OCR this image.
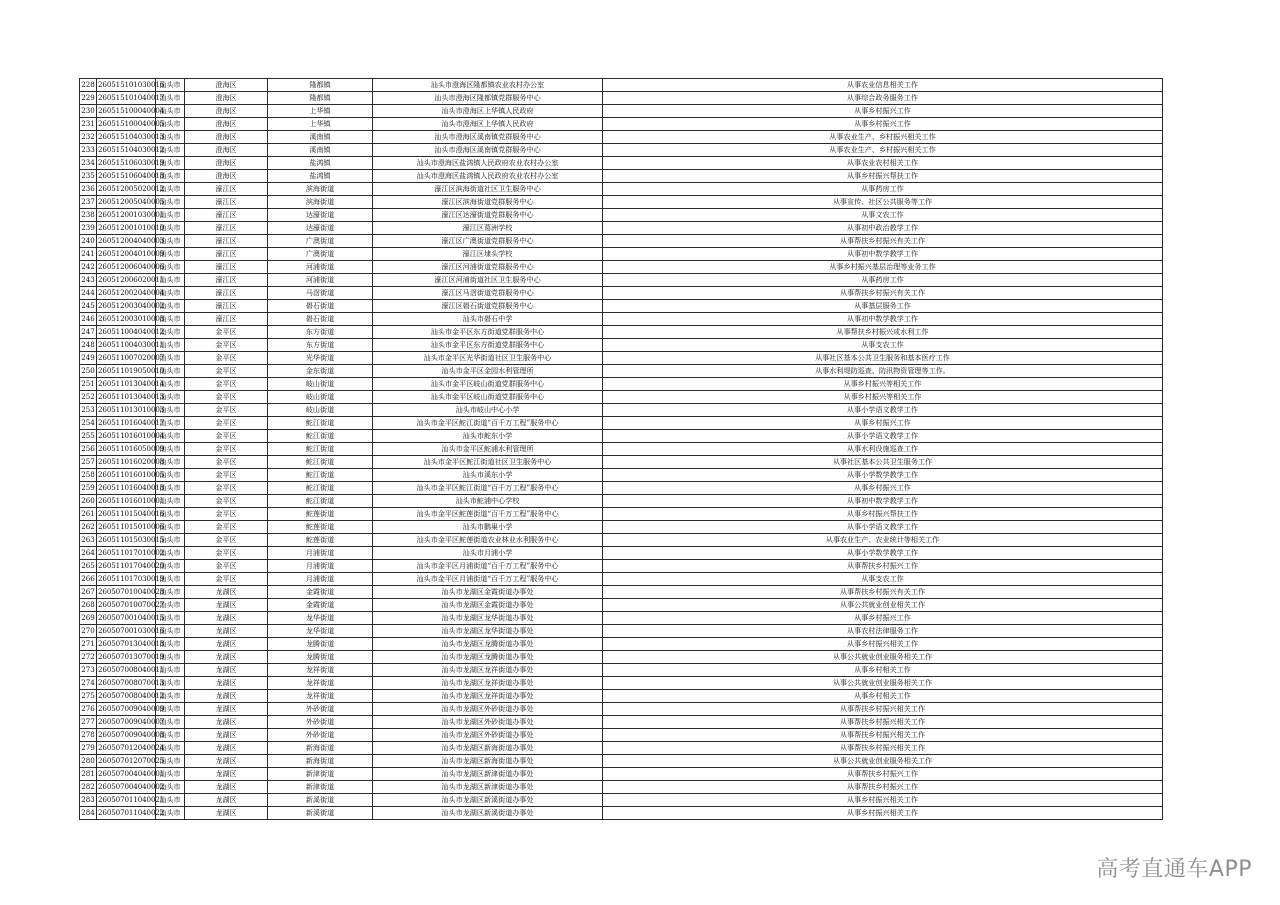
228	260515101030016	汕头市	澄海区	隆都镇	汕头市澄海区隆都镇农业农村办公室	从事农业信息相关工作
229	260515101040017	汕头市	澄海区	隆都镇	汕头市澄海区隆都镇党群服务中心	从事综合政务服务工作
230	260515100040004	汕头市	澄海区	上华镇	汕头市澄海区上华镇人民政府	从事乡村振兴工作
231	260515100040005	汕头市	澄海区	上华镇	汕头市澄海区上华镇人民政府	从事乡村振兴工作
232	260515104030013	汕头市	澄海区	溪南镇	汕头市澄海区溪南镇党群服务中心	从事农业生产、乡村振兴相关工作
233	260515104030012	汕头市	澄海区	溪南镇	汕头市澄海区溪南镇党群服务中心	从事农业生产、乡村振兴相关工作
234	260515106030019	汕头市	澄海区	盐鸿镇	汕头市澄海区盐鸿镇人民政府农业农村办公室	从事农业农村相关工作
235	260515106040018	汕头市	澄海区	盐鸿镇	汕头市澄海区盐鸿镇人民政府农业农村办公室	从事乡村振兴帮扶工作
236	260512005020012	汕头市	濠江区	滨海街道	濠江区滨海街道社区卫生服务中心	从事药房工作
237	260512005040005	汕头市	濠江区	滨海街道	濠江区滨海街道党群服务中心	从事宣传、社区公共服务等工作
238	260512001030001	汕头市	濠江区	达濠街道	濠江区达濠街道党群服务中心	从事文农工作
239	260512001010010	汕头市	濠江区	达濠街道	濠江区葛洲学校	从事初中政治教学工作
240	260512004040003	汕头市	濠江区	广澳街道	濠江区广澳街道党群服务中心	从事帮扶乡村振兴有关工作
241	260512004010009	汕头市	濠江区	广澳街道	濠江区埭头学校	从事初中数学教学工作
242	260512006040006	汕头市	濠江区	河浦街道	濠江区河浦街道党群服务中心	从事乡村振兴基层治理等业务工作
243	260512006020011	汕头市	濠江区	河浦街道	濠江区河浦街道社区卫生服务中心	从事药房工作
244	260512002040004	汕头市	濠江区	马滘街道	濠江区马滘街道党群服务中心	从事帮扶乡村振兴有关工作
245	260512003040002	汕头市	濠江区	礐石街道	濠江区礐石街道党群服务中心	从事基层服务工作
246	260512003010008	汕头市	濠江区	礐石街道	汕头市礐石中学	从事初中数学教学工作
247	260511004040012	汕头市	金平区	东方街道	汕头市金平区东方街道党群服务中心	从事帮扶乡村振兴或水利工作
248	260511004030011	汕头市	金平区	东方街道	汕头市金平区东方街道党群服务中心	从事支农工作
249	260511007020007	汕头市	金平区	光华街道	汕头市金平区光华街道社区卫生服务中心	从事社区基本公共卫生服务和基本医疗工作
250	260511019050010	汕头市	金平区	金东街道	汕头市金平区金园水利管理所	从事水利堤防巡查、防汛物资管理等工作。
251	260511013040014	汕头市	金平区	岐山街道	汕头市金平区岐山街道党群服务中心	从事乡村振兴等相关工作
252	260511013040013	汕头市	金平区	岐山街道	汕头市金平区岐山街道党群服务中心	从事乡村振兴等相关工作
253	260511013010003	汕头市	金平区	岐山街道	汕头市岐山中心小学	从事小学语文教学工作
254	260511016040017	汕头市	金平区	鮀江街道	汕头市金平区鮀江街道“百千万工程”服务中心	从事乡村振兴工作
255	260511016010004	汕头市	金平区	鮀江街道	汕头市鮀东小学	从事小学语文教学工作
256	260511016050009	汕头市	金平区	鮀江街道	汕头市金平区鮀浦水利管理所	从事水利设施巡查工作
257	260511016020008	汕头市	金平区	鮀江街道	汕头市金平区鮀江街道社区卫生服务中心	从事社区基本公共卫生服务工作
258	260511016010005	汕头市	金平区	鮀江街道	汕头市溪东小学	从事小学数学教学工作
259	260511016040018	汕头市	金平区	鮀江街道	汕头市金平区鮀江街道“百千万工程”服务中心	从事乡村振兴工作
260	260511016010001	汕头市	金平区	鮀江街道	汕头市鮀浦中心学校	从事初中数学教学工作
261	260511015040016	汕头市	金平区	鮀莲街道	汕头市金平区鮀莲街道“百千万工程”服务中心	从事乡村振兴帮扶工作
262	260511015010006	汕头市	金平区	鮀莲街道	汕头市鹳巢小学	从事小学语文教学工作
263	260511015030015	汕头市	金平区	鮀莲街道	汕头市金平区鮀莲街道农业林业水利服务中心	从事农业生产、农业统计等相关工作
264	260511017010002	汕头市	金平区	月浦街道	汕头市月浦小学	从事小学数学教学工作
265	260511017040020	汕头市	金平区	月浦街道	汕头市金平区月浦街道“百千万工程”服务中心	从事帮扶乡村振兴工作
266	260511017030019	汕头市	金平区	月浦街道	汕头市金平区月浦街道“百千万工程”服务中心	从事支农工作
267	260507010040028	汕头市	龙湖区	金霞街道	汕头市龙湖区金霞街道办事处	从事帮扶乡村振兴有关工作
268	260507010070027	汕头市	龙湖区	金霞街道	汕头市龙湖区金霞街道办事处	从事公共就业创业相关工作
269	260507001040015	汕头市	龙湖区	龙华街道	汕头市龙湖区龙华街道办事处	从事乡村振兴工作
270	260507001030016	汕头市	龙湖区	龙华街道	汕头市龙湖区龙华街道办事处	从事农村法律服务工作
271	260507013040018	汕头市	龙湖区	龙腾街道	汕头市龙湖区龙腾街道办事处	从事乡村振兴相关工作
272	260507013070019	汕头市	龙湖区	龙腾街道	汕头市龙湖区龙腾街道办事处	从事公共就业创业服务相关工作
273	260507008040011	汕头市	龙湖区	龙祥街道	汕头市龙湖区龙祥街道办事处	从事乡村相关工作
274	260507008070013	汕头市	龙湖区	龙祥街道	汕头市龙湖区龙祥街道办事处	从事公共就业创业服务相关工作
275	260507008040012	汕头市	龙湖区	龙祥街道	汕头市龙湖区龙祥街道办事处	从事乡村相关工作
276	260507009040009	汕头市	龙湖区	外砂街道	汕头市龙湖区外砂街道办事处	从事帮扶乡村振兴相关工作
277	260507009040007	汕头市	龙湖区	外砂街道	汕头市龙湖区外砂街道办事处	从事帮扶乡村振兴相关工作
278	260507009040008	汕头市	龙湖区	外砂街道	汕头市龙湖区外砂街道办事处	从事帮扶乡村振兴相关工作
279	260507012040024	汕头市	龙湖区	新海街道	汕头市龙湖区新海街道办事处	从事帮扶乡村振兴相关工作
280	260507012070025	汕头市	龙湖区	新海街道	汕头市龙湖区新海街道办事处	从事公共就业创业服务相关工作
281	260507004040001	汕头市	龙湖区	新津街道	汕头市龙湖区新津街道办事处	从事帮扶乡村振兴工作
282	260507004040002	汕头市	龙湖区	新津街道	汕头市龙湖区新津街道办事处	从事帮扶乡村振兴工作
283	260507011040021	汕头市	龙湖区	新溪街道	汕头市龙湖区新溪街道办事处	从事乡村振兴相关工作
284	260507011040022	汕头市	龙湖区	新溪街道	汕头市龙湖区新溪街道办事处	从事乡村振兴相关工作
高考直通车APP
